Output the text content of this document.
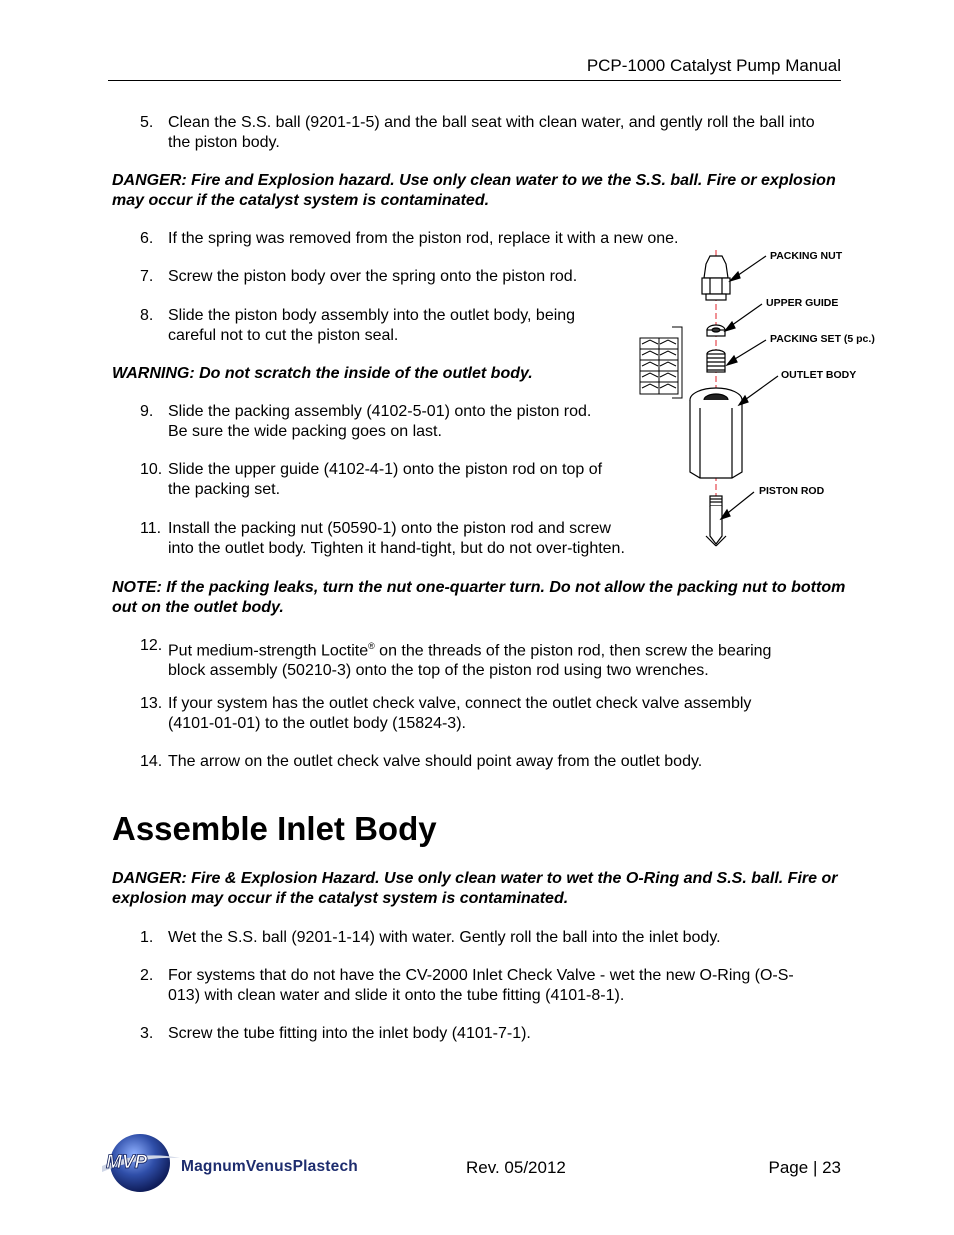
PCP-1000 Catalyst Pump Manual
5. Clean the S.S. ball (9201-1-5) and the ball seat with clean water, and gently roll the ball into the piston body.
DANGER: Fire and Explosion hazard. Use only clean water to we the S.S. ball. Fire or explosion may occur if the catalyst system is contaminated.
6. If the spring was removed from the piston rod, replace it with a new one.
7. Screw the piston body over the spring onto the piston rod.
8. Slide the piston body assembly into the outlet body, being
careful not to cut the piston seal.
WARNING: Do not scratch the inside of the outlet body.
9. Slide the packing assembly (4102-5-01) onto the piston rod.
Be sure the wide packing goes on last.
10. Slide the upper guide (4102-4-1) onto the piston rod on top of
the packing set.
11. Install the packing nut (50590-1) onto the piston rod and screw
into the outlet body. Tighten it hand-tight, but do not over-tighten.
NOTE: If the packing leaks, turn the nut one-quarter turn. Do not allow the packing nut to bottom out on the outlet body.
12. Put medium-strength Loctite® on the threads of the piston rod, then screw the bearing
block assembly (50210-3) onto the top of the piston rod using two wrenches.
13. If your system has the outlet check valve, connect the outlet check valve assembly
(4101-01-01) to the outlet body (15824-3).
14. The arrow on the outlet check valve should point away from the outlet body.
Assemble Inlet Body
DANGER: Fire & Explosion Hazard. Use only clean water to wet the O-Ring and S.S. ball. Fire or explosion may occur if the catalyst system is contaminated.
1. Wet the S.S. ball (9201-1-14) with water. Gently roll the ball into the inlet body.
2. For systems that do not have the CV-2000 Inlet Check Valve - wet the new O-Ring (O-S-
013) with clean water and slide it onto the tube fitting (4101-8-1).
3. Screw the tube fitting into the inlet body (4101-7-1).
PACKING NUT
UPPER GUIDE
PACKING SET (5 pc.)
OUTLET BODY
PISTON ROD
MVP MagnumVenusPlastech	Rev. 05/2012	Page | 23
